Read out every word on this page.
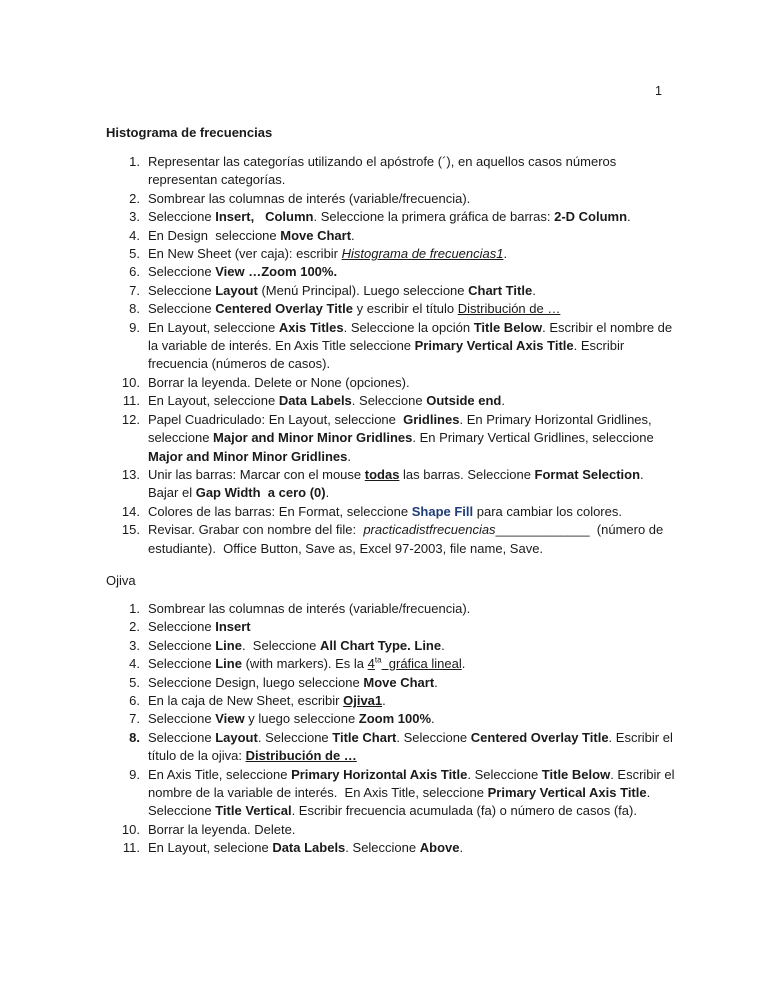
1
Histograma de frecuencias
1. Representar las categorías utilizando el apóstrofe (´), en aquellos casos números representan categorías.
2. Sombrear las columnas de interés (variable/frecuencia).
3. Seleccione Insert, Column. Seleccione la primera gráfica de barras: 2-D Column.
4. En Design  seleccione Move Chart.
5. En New Sheet (ver caja): escribir Histograma de frecuencias1.
6. Seleccione View …Zoom 100%.
7. Seleccione Layout (Menú Principal). Luego seleccione Chart Title.
8. Seleccione Centered Overlay Title y escribir el título Distribución de …
9. En Layout, seleccione Axis Titles. Seleccione la opción Title Below. Escribir el nombre de la variable de interés. En Axis Title seleccione Primary Vertical Axis Title. Escribir frecuencia (números de casos).
10. Borrar la leyenda. Delete or None (opciones).
11. En Layout, seleccione Data Labels. Seleccione Outside end.
12. Papel Cuadriculado: En Layout, seleccione  Gridlines. En Primary Horizontal Gridlines, seleccione Major and Minor Minor Gridlines. En Primary Vertical Gridlines, seleccione Major and Minor Minor Gridlines.
13. Unir las barras: Marcar con el mouse todas las barras. Seleccione Format Selection. Bajar el Gap Width  a cero (0).
14. Colores de las barras: En Format, seleccione Shape Fill para cambiar los colores.
15. Revisar. Grabar con nombre del file:  practicadistfrecuencias_____________  (número de estudiante).  Office Button, Save as, Excel 97-2003, file name, Save.
Ojiva
1. Sombrear las columnas de interés (variable/frecuencia).
2. Seleccione Insert
3. Seleccione Line.  Seleccione All Chart Type. Line.
4. Seleccione Line (with markers). Es la $4^{ta}$  gráfica lineal.
5. Seleccione Design, luego seleccione Move Chart.
6. En la caja de New Sheet, escribir Ojiva1.
7. Seleccione View y luego seleccione Zoom 100%.
8. Seleccione Layout. Seleccione Title Chart. Seleccione Centered Overlay Title. Escribir el título de la ojiva: Distribución de …
9. En Axis Title, seleccione Primary Horizontal Axis Title. Seleccione Title Below. Escribir el nombre de la variable de interés.  En Axis Title, seleccione Primary Vertical Axis Title. Seleccione Title Vertical. Escribir frecuencia acumulada (fa) o número de casos (fa).
10. Borrar la leyenda. Delete.
11. En Layout, selecione Data Labels. Seleccione Above.
